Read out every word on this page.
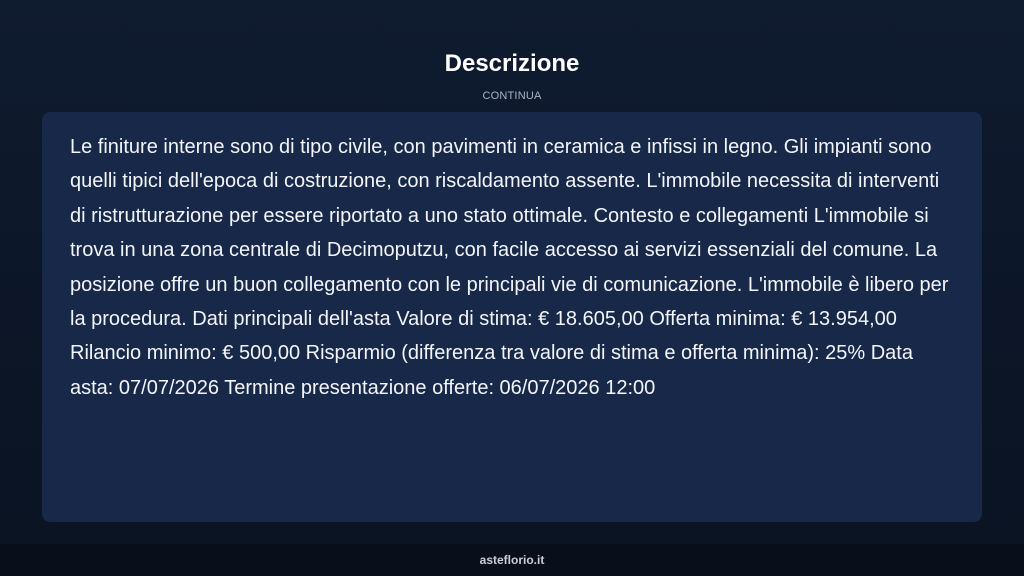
Descrizione
CONTINUA

Le finiture interne sono di tipo civile, con pavimenti in ceramica e infissi in legno. Gli impianti sono quelli tipici dell'epoca di costruzione, con riscaldamento assente. L'immobile necessita di interventi di ristrutturazione per essere riportato a uno stato ottimale. Contesto e collegamenti L'immobile si trova in una zona centrale di Decimoputzu, con facile accesso ai servizi essenziali del comune. La posizione offre un buon collegamento con le principali vie di comunicazione. L'immobile è libero per la procedura. Dati principali dell'asta Valore di stima: € 18.605,00 Offerta minima: € 13.954,00 Rilancio minimo: € 500,00 Risparmio (differenza tra valore di stima e offerta minima): 25% Data asta: 07/07/2026 Termine presentazione offerte: 06/07/2026 12:00

asteflorio.it
